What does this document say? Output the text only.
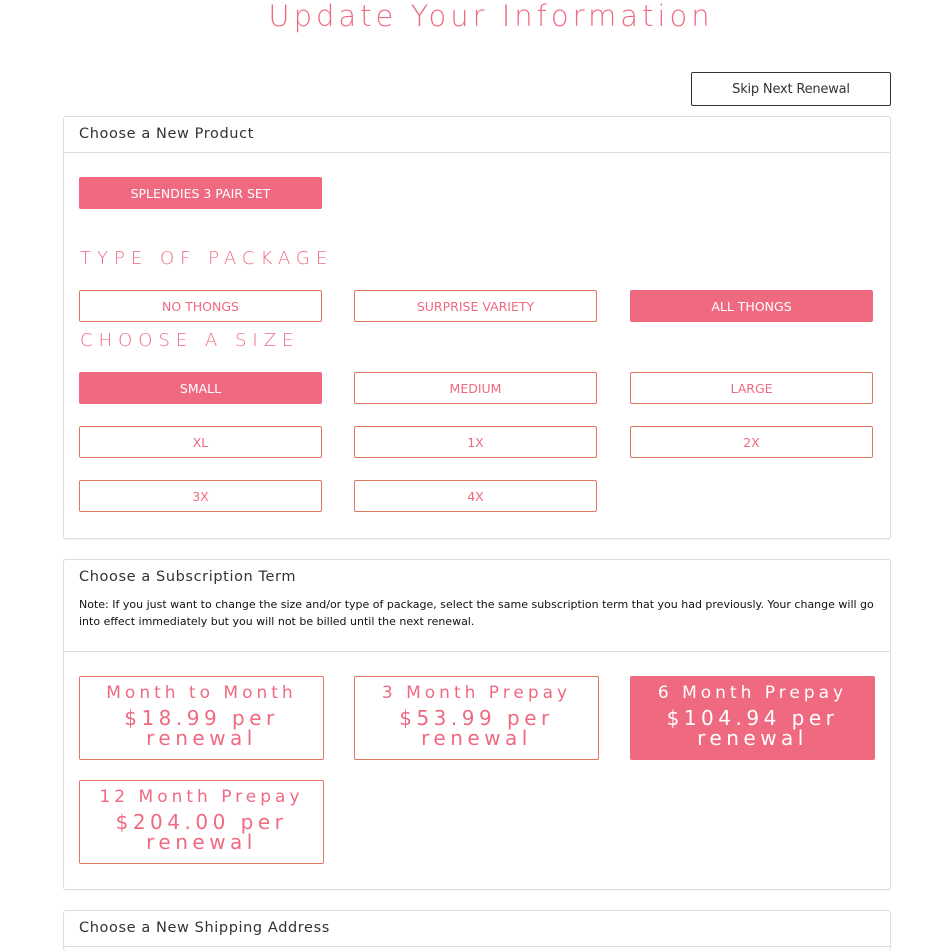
Update Your Information
Skip Next Renewal
Choose a New Product
SPLENDIES 3 PAIR SET
TYPE OF PACKAGE
NO THONGS	SURPRISE VARIETY	ALL THONGS
CHOOSE A SIZE
SMALL	MEDIUM	LARGE
XL	1X	2X
3X	4X
Choose a Subscription Term
Note: If you just want to change the size and/or type of package, select the same subscription term that you had previously. Your change will go into effect immediately but you will not be billed until the next renewal.
Month to Month
$18.99 per renewal
3 Month Prepay
$53.99 per renewal
6 Month Prepay
$104.94 per renewal
12 Month Prepay
$204.00 per renewal
Choose a New Shipping Address
